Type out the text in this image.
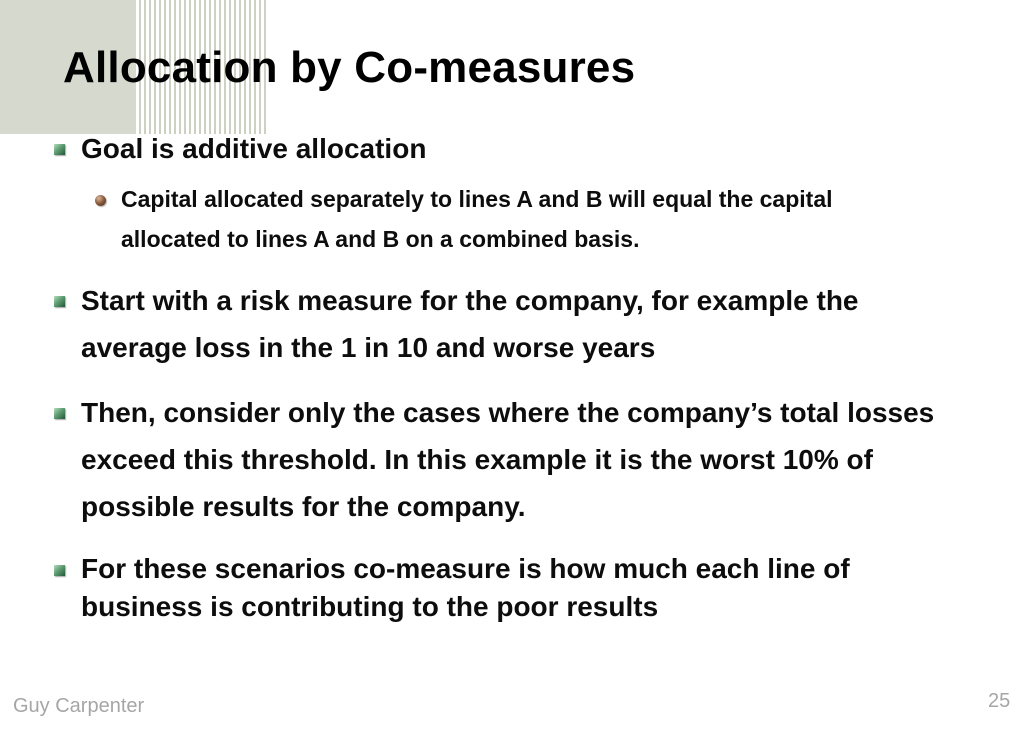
Allocation by Co-measures

Goal is additive allocation

Capital allocated separately to lines A and B will equal the capital allocated to lines A and B on a combined basis.

Start with a risk measure for the company, for example the average loss in the 1 in 10 and worse years

Then, consider only the cases where the company’s total losses exceed this threshold. In this example it is the worst 10% of possible results for the company.

For these scenarios co-measure is how much each line of business is contributing to the poor results

Guy Carpenter	25
